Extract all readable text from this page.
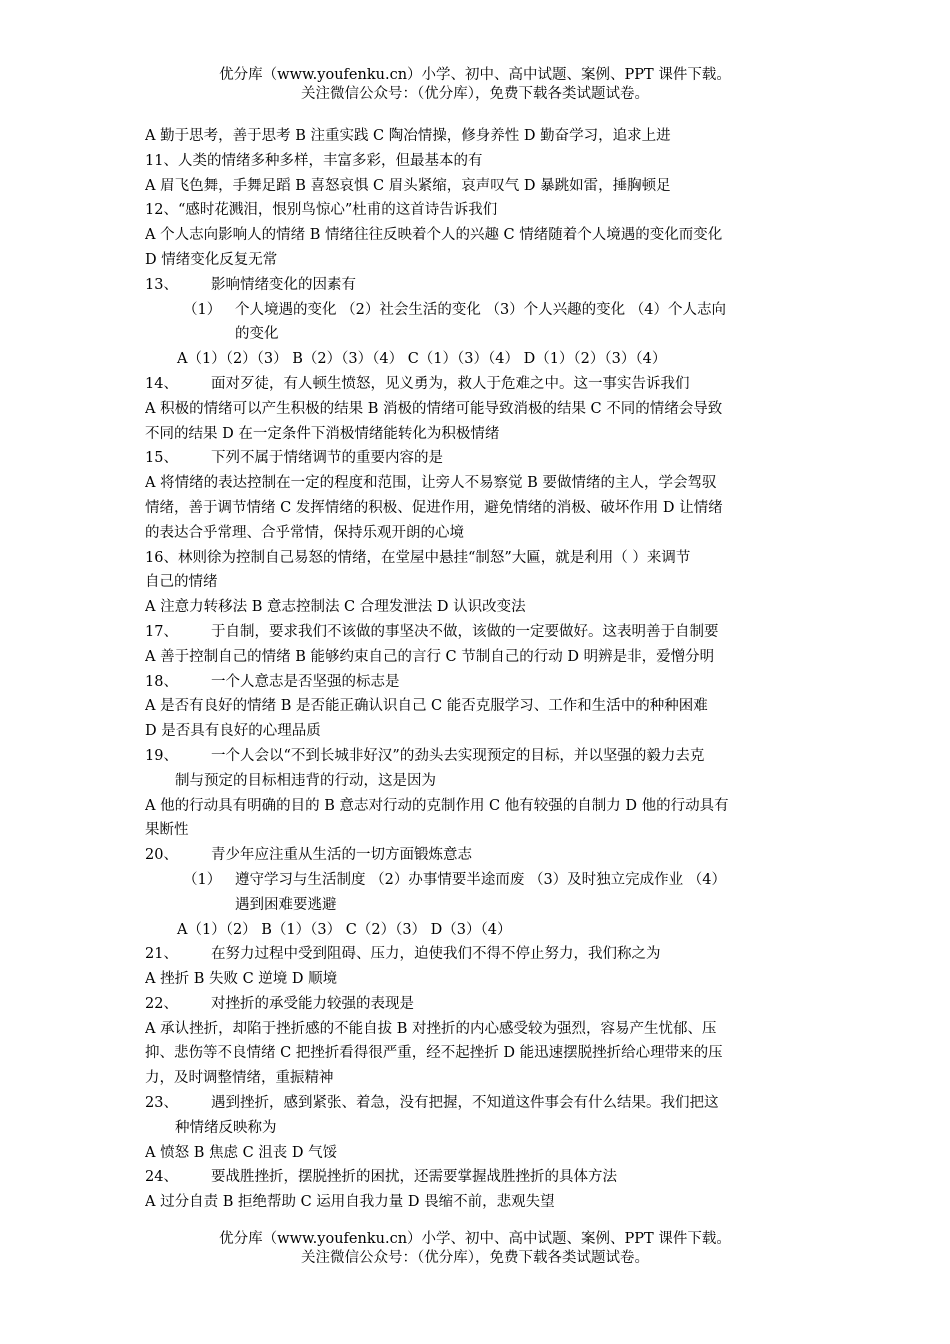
优分库（www.youfenku.cn）小学、初中、高中试题、案例、PPT 课件下载。
关注微信公众号：（优分库），免费下载各类试题试卷。
A 勤于思考，善于思考 B 注重实践 C 陶冶情操，修身养性 D 勤奋学习，追求上进
11、人类的情绪多种多样，丰富多彩，但最基本的有
A 眉飞色舞，手舞足蹈 B 喜怒哀惧 C 眉头紧缩，哀声叹气 D 暴跳如雷，捶胸顿足
12、“感时花溅泪，恨别鸟惊心”杜甫的这首诗告诉我们
A 个人志向影响人的情绪 B 情绪往往反映着个人的兴趣 C 情绪随着个人境遇的变化而变化
D 情绪变化反复无常
13、 影响情绪变化的因素有
（1） 个人境遇的变化 （2）社会生活的变化 （3）个人兴趣的变化 （4）个人志向
的变化
A（1）（2）（3） B（2）（3）（4） C（1）（3）（4） D（1）（2）（3）（4）
14、 面对歹徒，有人顿生愤怒，见义勇为，救人于危难之中。这一事实告诉我们
A 积极的情绪可以产生积极的结果 B 消极的情绪可能导致消极的结果 C 不同的情绪会导致
不同的结果 D 在一定条件下消极情绪能转化为积极情绪
15、 下列不属于情绪调节的重要内容的是
A 将情绪的表达控制在一定的程度和范围，让旁人不易察觉 B 要做情绪的主人，学会驾驭
情绪，善于调节情绪 C 发挥情绪的积极、促进作用，避免情绪的消极、破坏作用 D 让情绪
的表达合乎常理、合乎常情，保持乐观开朗的心境
16、林则徐为控制自己易怒的情绪，在堂屋中悬挂“制怒”大匾，就是利用（ ）来调节
自己的情绪
A 注意力转移法 B 意志控制法 C 合理发泄法 D 认识改变法
17、 于自制，要求我们不该做的事坚决不做，该做的一定要做好。这表明善于自制要
A 善于控制自己的情绪 B 能够约束自己的言行 C 节制自己的行动 D 明辨是非，爱憎分明
18、 一个人意志是否坚强的标志是
A 是否有良好的情绪 B 是否能正确认识自己 C 能否克服学习、工作和生活中的种种困难
D 是否具有良好的心理品质
19、 一个人会以“不到长城非好汉”的劲头去实现预定的目标，并以坚强的毅力去克
制与预定的目标相违背的行动，这是因为
A 他的行动具有明确的目的 B 意志对行动的克制作用 C 他有较强的自制力 D 他的行动具有
果断性
20、 青少年应注重从生活的一切方面锻炼意志
（1） 遵守学习与生活制度 （2）办事情要半途而废 （3）及时独立完成作业 （4）
遇到困难要逃避
A（1）（2） B（1）（3） C（2）（3） D（3）（4）
21、 在努力过程中受到阻碍、压力，迫使我们不得不停止努力，我们称之为
A 挫折 B 失败 C 逆境 D 顺境
22、 对挫折的承受能力较强的表现是
A 承认挫折，却陷于挫折感的不能自拔 B 对挫折的内心感受较为强烈，容易产生忧郁、压
抑、悲伤等不良情绪 C 把挫折看得很严重，经不起挫折 D 能迅速摆脱挫折给心理带来的压
力，及时调整情绪，重振精神
23、 遇到挫折，感到紧张、着急，没有把握，不知道这件事会有什么结果。我们把这
种情绪反映称为
A 愤怒 B 焦虑 C 沮丧 D 气馁
24、 要战胜挫折，摆脱挫折的困扰，还需要掌握战胜挫折的具体方法
A 过分自责 B 拒绝帮助 C 运用自我力量 D 畏缩不前，悲观失望
优分库（www.youfenku.cn）小学、初中、高中试题、案例、PPT 课件下载。
关注微信公众号：（优分库），免费下载各类试题试卷。
